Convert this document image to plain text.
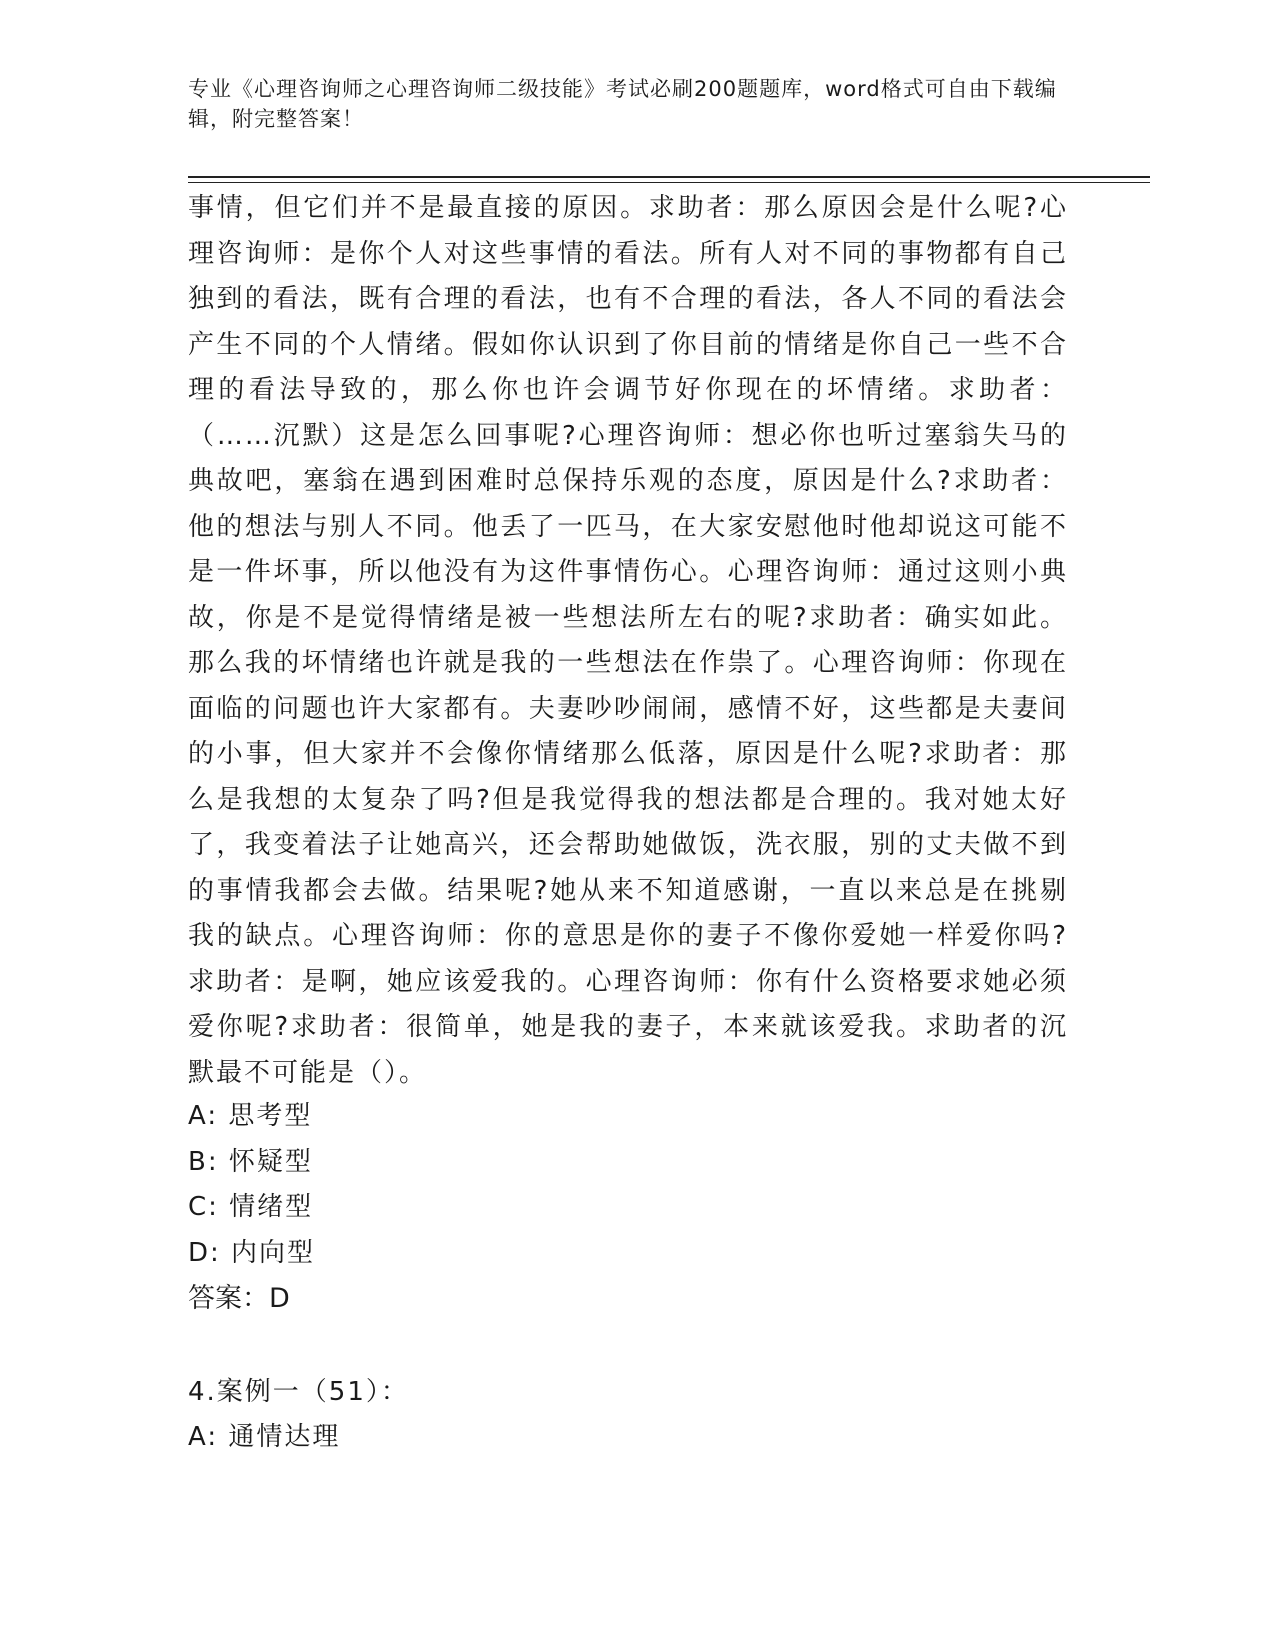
专业《心理咨询师之心理咨询师二级技能》考试必刷200题题库，word格式可自由下载编辑，附完整答案！

事情，但它们并不是最直接的原因。求助者：那么原因会是什么呢?心理咨询师：是你个人对这些事情的看法。所有人对不同的事物都有自己独到的看法，既有合理的看法，也有不合理的看法，各人不同的看法会产生不同的个人情绪。假如你认识到了你目前的情绪是你自己一些不合理的看法导致的，那么你也许会调节好你现在的坏情绪。求助者：（……沉默）这是怎么回事呢?心理咨询师：想必你也听过塞翁失马的典故吧，塞翁在遇到困难时总保持乐观的态度，原因是什么?求助者：他的想法与别人不同。他丢了一匹马，在大家安慰他时他却说这可能不是一件坏事，所以他没有为这件事情伤心。心理咨询师：通过这则小典故，你是不是觉得情绪是被一些想法所左右的呢?求助者：确实如此。那么我的坏情绪也许就是我的一些想法在作祟了。心理咨询师：你现在面临的问题也许大家都有。夫妻吵吵闹闹，感情不好，这些都是夫妻间的小事，但大家并不会像你情绪那么低落，原因是什么呢?求助者：那么是我想的太复杂了吗?但是我觉得我的想法都是合理的。我对她太好了，我变着法子让她高兴，还会帮助她做饭，洗衣服，别的丈夫做不到的事情我都会去做。结果呢?她从来不知道感谢，一直以来总是在挑剔我的缺点。心理咨询师：你的意思是你的妻子不像你爱她一样爱你吗?求助者：是啊，她应该爱我的。心理咨询师：你有什么资格要求她必须爱你呢?求助者：很简单，她是我的妻子，本来就该爱我。求助者的沉默最不可能是（）。

A: 思考型
B: 怀疑型
C: 情绪型
D: 内向型

答案：D

4.案例一（51）：

A: 通情达理
